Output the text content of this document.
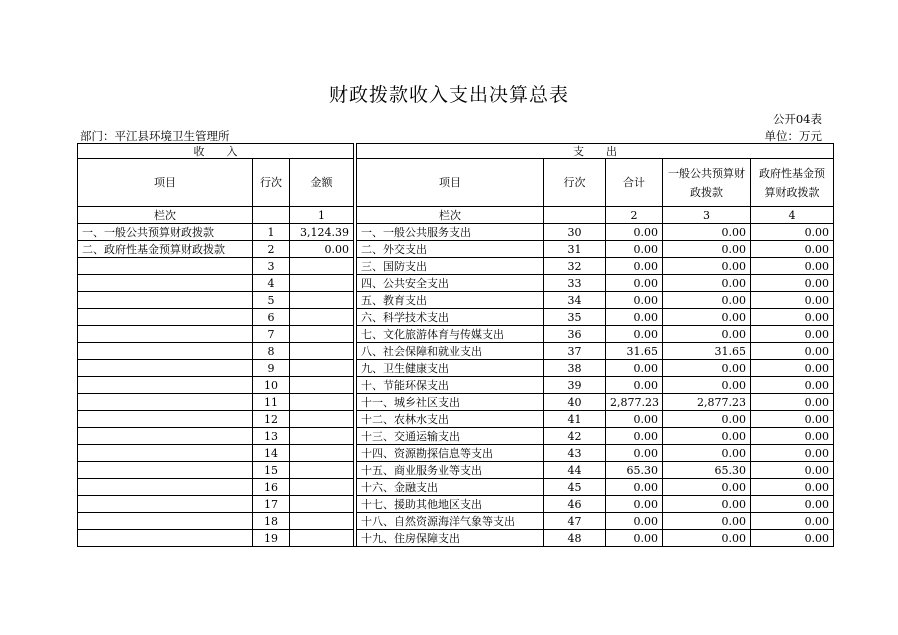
财政拨款收入支出决算总表
公开04表
部门：平江县环境卫生管理所	单位：万元
收　　入				支　　出				
项目	行次	金额		项目	行次	合计	一般公共预算财政拨款	政府性基金预算财政拨款
栏次		1		栏次		2	3	4
一、一般公共预算财政拨款	1	3,124.39		一、一般公共服务支出	30	0.00	0.00	0.00
二、政府性基金预算财政拨款	2	0.00		二、外交支出	31	0.00	0.00	0.00
	3			三、国防支出	32	0.00	0.00	0.00
	4			四、公共安全支出	33	0.00	0.00	0.00
	5			五、教育支出	34	0.00	0.00	0.00
	6			六、科学技术支出	35	0.00	0.00	0.00
	7			七、文化旅游体育与传媒支出	36	0.00	0.00	0.00
	8			八、社会保障和就业支出	37	31.65	31.65	0.00
	9			九、卫生健康支出	38	0.00	0.00	0.00
	10			十、节能环保支出	39	0.00	0.00	0.00
	11			十一、城乡社区支出	40	2,877.23	2,877.23	0.00
	12			十二、农林水支出	41	0.00	0.00	0.00
	13			十三、交通运输支出	42	0.00	0.00	0.00
	14			十四、资源勘探信息等支出	43	0.00	0.00	0.00
	15			十五、商业服务业等支出	44	65.30	65.30	0.00
	16			十六、金融支出	45	0.00	0.00	0.00
	17			十七、援助其他地区支出	46	0.00	0.00	0.00
	18			十八、自然资源海洋气象等支出	47	0.00	0.00	0.00
	19			十九、住房保障支出	48	0.00	0.00	0.00
